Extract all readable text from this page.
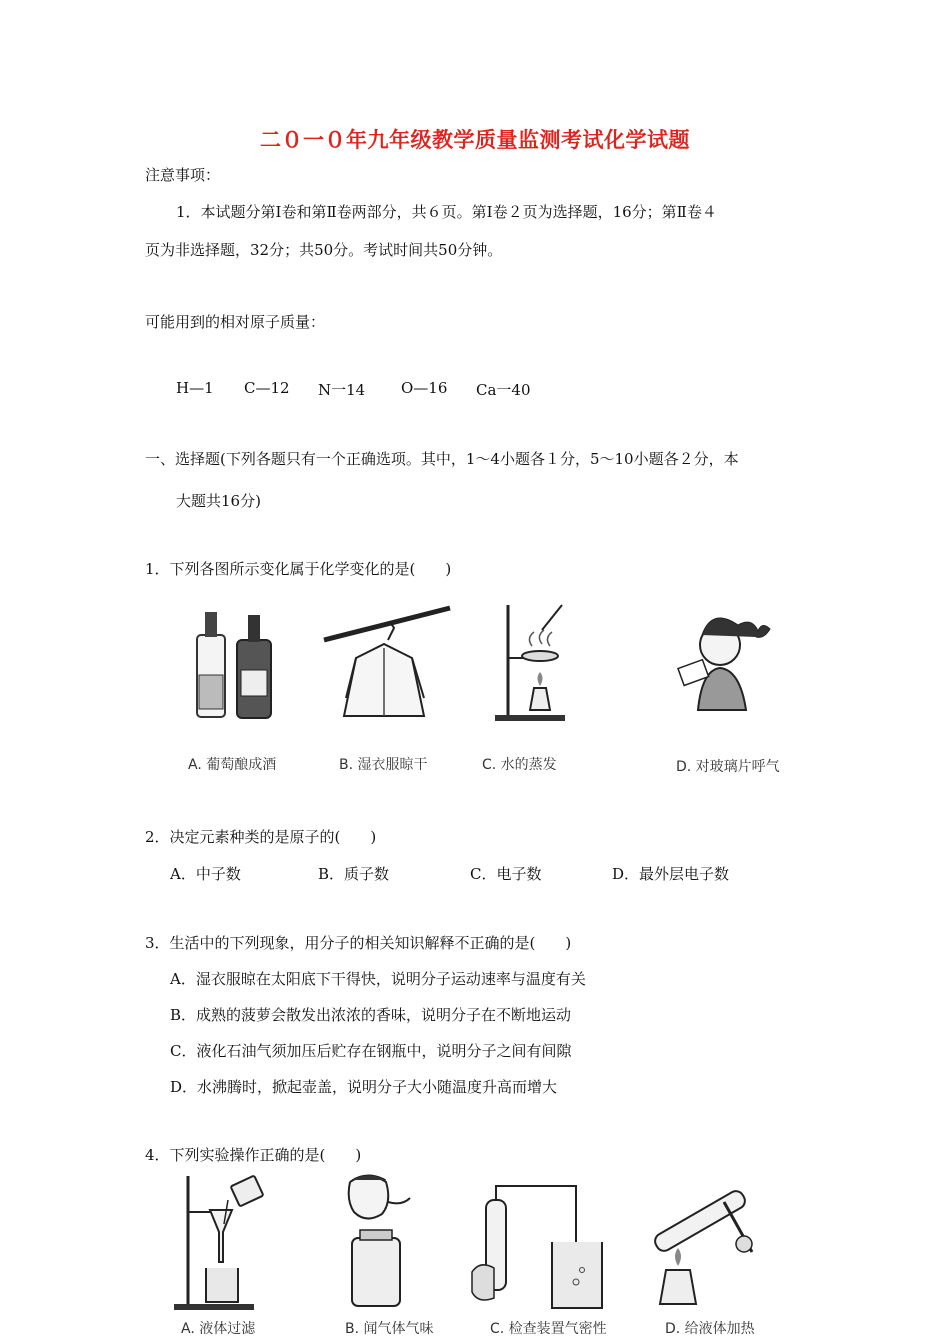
二０一０年九年级教学质量监测考试化学试题
注意事项：
1．本试题分第Ⅰ卷和第Ⅱ卷两部分，共６页。第Ⅰ卷２页为选择题，16分；第Ⅱ卷４
页为非选择题，32分；共50分。考试时间共50分钟。
可能用到的相对原子质量：
H—1 C—12 N一14 O—16 Ca一40
一、选择题(下列各题只有一个正确选项。其中，1～4小题各１分，5～10小题各２分，本
大题共16分)
1．下列各图所示变化属于化学变化的是(　　)
A. 葡萄酿成酒	B. 湿衣服晾干	C. 水的蒸发	D. 对玻璃片呼气
2．决定元素种类的是原子的(　　)
A．中子数	B．质子数	C．电子数	D．最外层电子数
3．生活中的下列现象，用分子的相关知识解释不正确的是(　　)
A．湿衣服晾在太阳底下干得快，说明分子运动速率与温度有关
B．成熟的菠萝会散发出浓浓的香味，说明分子在不断地运动
C．液化石油气须加压后贮存在钢瓶中，说明分子之间有间隙
D．水沸腾时，掀起壶盖，说明分子大小随温度升高而增大
4．下列实验操作正确的是(　　)
A. 液体过滤	B. 闻气体气味	C. 检查装置气密性	D. 给液体加热
